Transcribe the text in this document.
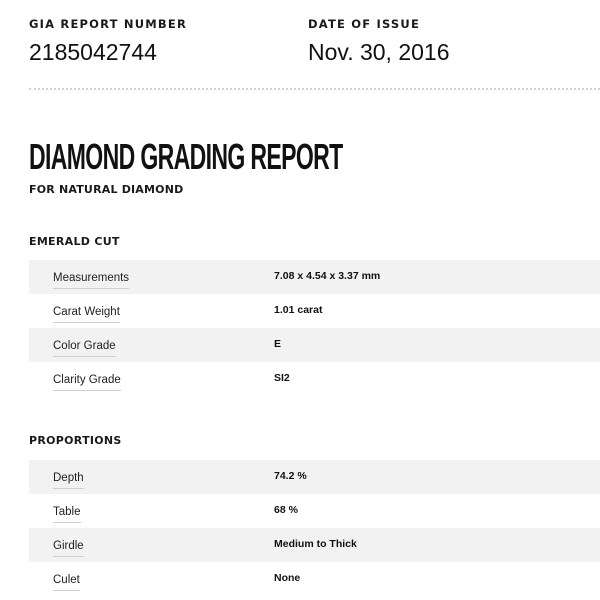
GIA REPORT NUMBER
2185042744
DATE OF ISSUE
Nov. 30, 2016
DIAMOND GRADING REPORT
FOR NATURAL DIAMOND
EMERALD CUT
Measurements	7.08 x 4.54 x 3.37 mm
Carat Weight	1.01 carat
Color Grade	E
Clarity Grade	SI2
PROPORTIONS
Depth	74.2 %
Table	68 %
Girdle	Medium to Thick
Culet	None
